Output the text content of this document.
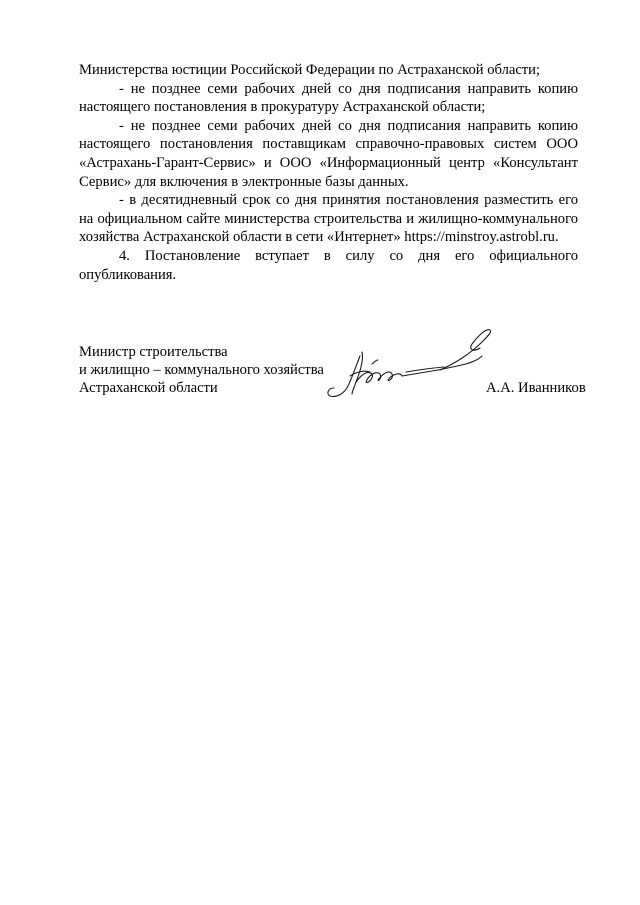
Министерства юстиции Российской Федерации по Астраханской области;

- не позднее семи рабочих дней со дня подписания направить копию настоящего постановления в прокуратуру Астраханской области;

- не позднее семи рабочих дней со дня подписания направить копию настоящего постановления поставщикам справочно-правовых систем ООО «Астрахань-Гарант-Сервис» и ООО «Информационный центр «Консультант Сервис» для включения в электронные базы данных.

- в десятидневный срок со дня принятия постановления разместить его на официальном сайте министерства строительства и жилищно-коммунального хозяйства Астраханской области в сети «Интернет» https://minstroy.astrobl.ru.

4. Постановление вступает в силу со дня его официального опубликования.

Министр строительства
и жилищно – коммунального хозяйства
Астраханской области	А.А. Иванников
